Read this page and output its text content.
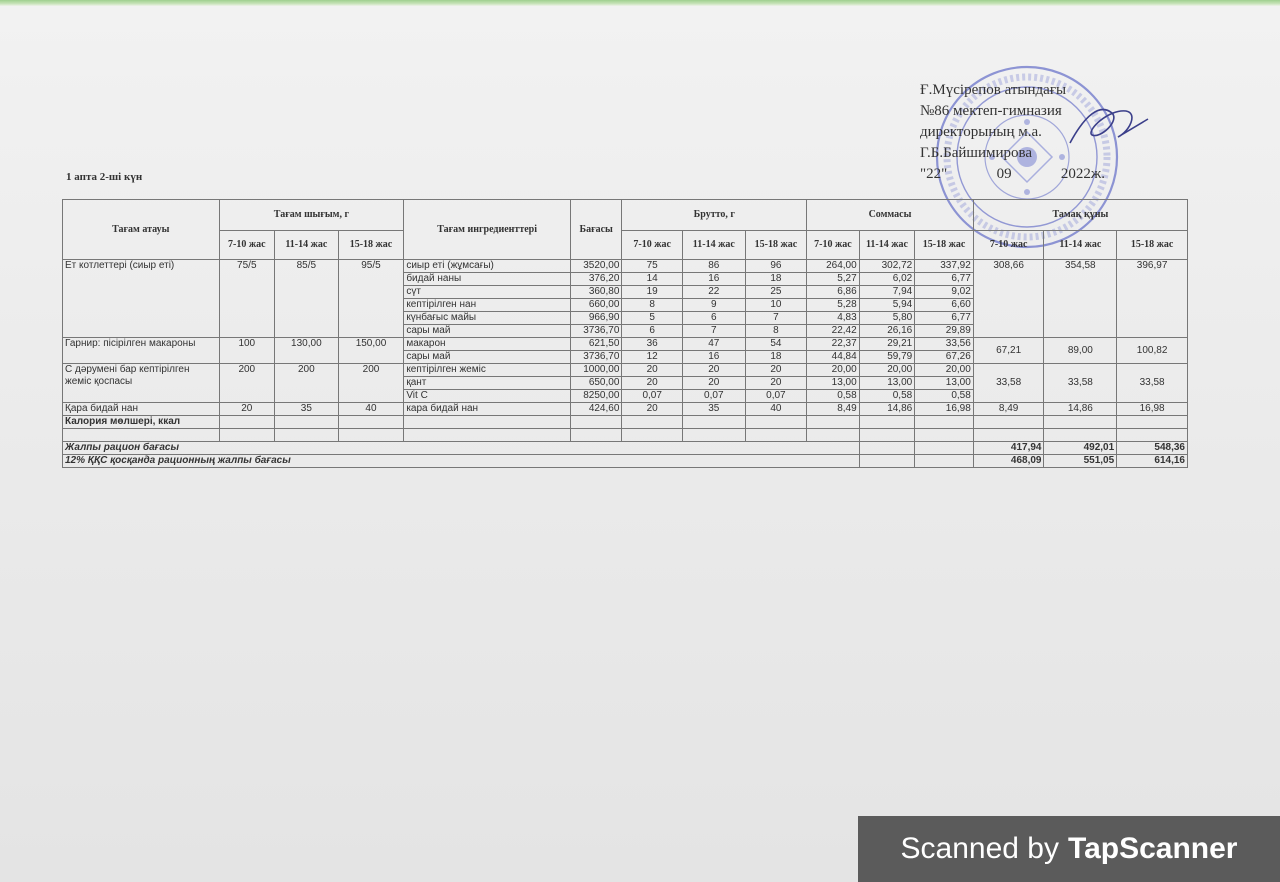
Ғ.Мүсірепов атындағы
№86 мектеп-гимназия
директорының м.а.
Г.Б.Байшимирова
"22"	09	2022ж.
1 апта 2-ші күн
Тағам атауы	Тағам шығым, г			Тағам ингредиенттері	Бағасы	Брутто, г			Соммасы			Тамақ құны		
	7-10 жас	11-14 жас	15-18 жас			7-10 жас	11-14 жас	15-18 жас	7-10 жас	11-14 жас	15-18 жас	7-10 жас	11-14 жас	15-18 жас
Ет котлеттері (сиыр еті)	75/5	85/5	95/5	сиыр еті (жұмсағы)	3520,00	75	86	96	264,00	302,72	337,92	308,66	354,58	396,97
				бидай наны	376,20	14	16	18	5,27	6,02	6,77			
				сүт	360,80	19	22	25	6,86	7,94	9,02			
				кептірілген нан	660,00	8	9	10	5,28	5,94	6,60			
				күнбағыс майы	966,90	5	6	7	4,83	5,80	6,77			
				сары май	3736,70	6	7	8	22,42	26,16	29,89			
Гарнир: пісірілген макароны	100	130,00	150,00	макарон	621,50	36	47	54	22,37	29,21	33,56	67,21	89,00	100,82
				сары май	3736,70	12	16	18	44,84	59,79	67,26			
С дәрумені бар кептірілген жеміс қоспасы	200	200	200	кептірілген жеміс	1000,00	20	20	20	20,00	20,00	20,00	33,58	33,58	33,58
				қант	650,00	20	20	20	13,00	13,00	13,00			
				Vit C	8250,00	0,07	0,07	0,07	0,58	0,58	0,58			
Қара бидай нан	20	35	40	кара бидай нан	424,60	20	35	40	8,49	14,86	16,98	8,49	14,86	16,98
Калория мөлшері, ккал														

Жалпы рацион бағасы												417,94	492,01	548,36
12% ҚҚС қосқанда рационның жалпы бағасы												468,09	551,05	614,16
Scanned by TapScanner
